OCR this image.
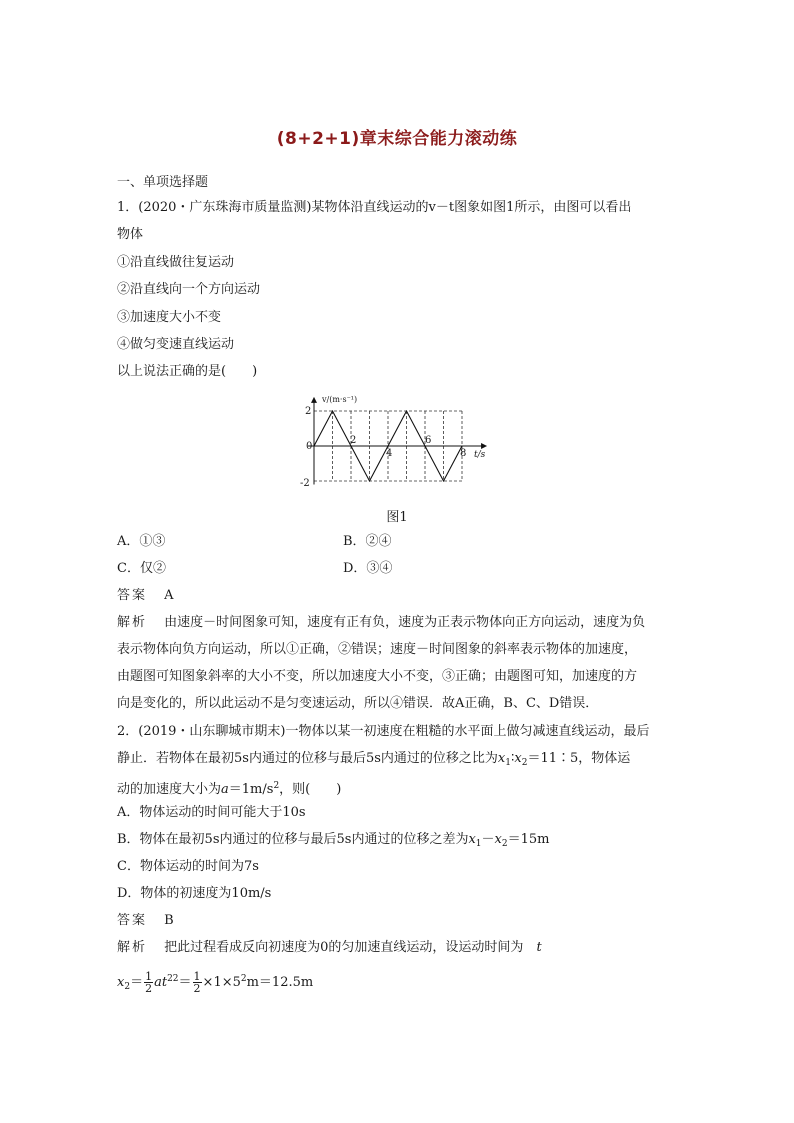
(8+2+1)章末综合能力滚动练
一、单项选择题
1．(2020・广东珠海市质量监测)某物体沿直线运动的v－t图象如图1所示，由图可以看出
物体
①沿直线做往复运动
②沿直线向一个方向运动
③加速度大小不变
④做匀变速直线运动
以上说法正确的是(　　)
v/(m·s⁻¹)
t/s
2
0
-2
2
4
6
8
图1
A．①③	B．②④
C．仅②	D．③④
答案　 A
解析　 由速度－时间图象可知，速度有正有负，速度为正表示物体向正方向运动，速度为负
表示物体向负方向运动，所以①正确，②错误；速度－时间图象的斜率表示物体的加速度，
由题图可知图象斜率的大小不变，所以加速度大小不变，③正确；由题图可知，加速度的方
向是变化的，所以此运动不是匀变速运动，所以④错误．故A正确，B、C、D错误．
2．(2019・山东聊城市期末)一物体以某一初速度在粗糙的水平面上做匀减速直线运动，最后
静止．若物体在最初5s内通过的位移与最后5s内通过的位移之比为$x_1∶x_2=11∶5$，物体运
动的加速度大小为$a=1m/s^2$，则(　　)
A．物体运动的时间可能大于10s
B．物体在最初5s内通过的位移与最后5s内通过的位移之差为$x_1-x_2=15m$
C．物体运动的时间为7s
D．物体的初速度为10m/s
答案　 B
解析　 把此过程看成反向初速度为0的匀加速直线运动，设运动时间为　 t
$x_2= \frac{1}{2} at^{22}= \frac{1}{2} \times 1\times 5^2m=12.5m$
